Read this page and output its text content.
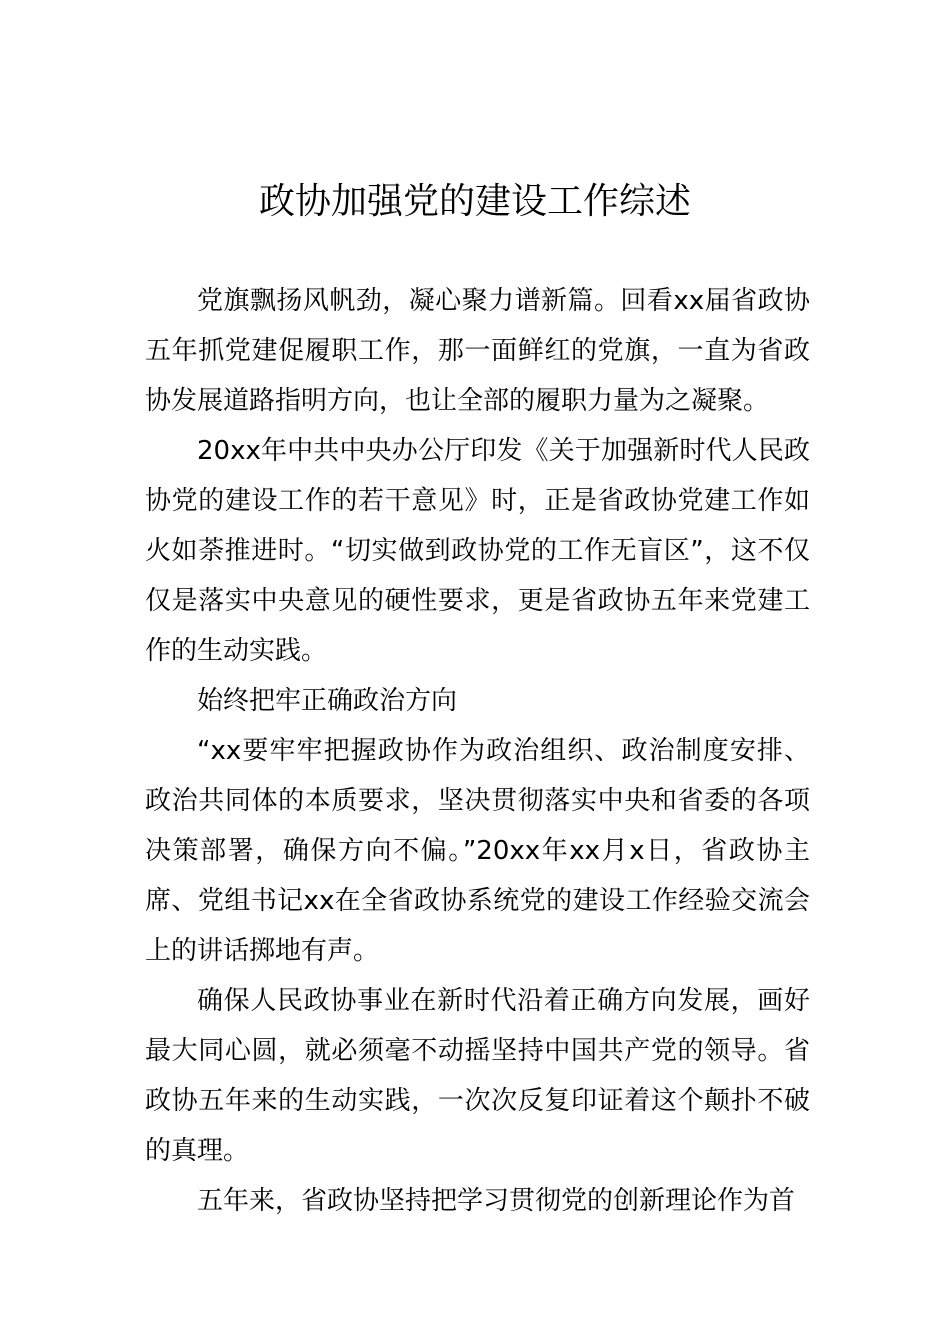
政协加强党的建设工作综述

党旗飘扬风帆劲，凝心聚力谱新篇。回看xx届省政协五年抓党建促履职工作，那一面鲜红的党旗，一直为省政协发展道路指明方向，也让全部的履职力量为之凝聚。

20xx年中共中央办公厅印发《关于加强新时代人民政协党的建设工作的若干意见》时，正是省政协党建工作如火如荼推进时。“切实做到政协党的工作无盲区”，这不仅仅是落实中央意见的硬性要求，更是省政协五年来党建工作的生动实践。

始终把牢正确政治方向

“xx要牢牢把握政协作为政治组织、政治制度安排、政治共同体的本质要求，坚决贯彻落实中央和省委的各项决策部署，确保方向不偏。”20xx年xx月x日，省政协主席、党组书记xx在全省政协系统党的建设工作经验交流会上的讲话掷地有声。

确保人民政协事业在新时代沿着正确方向发展，画好最大同心圆，就必须毫不动摇坚持中国共产党的领导。省政协五年来的生动实践，一次次反复印证着这个颠扑不破的真理。

五年来，省政协坚持把学习贯彻党的创新理论作为首
